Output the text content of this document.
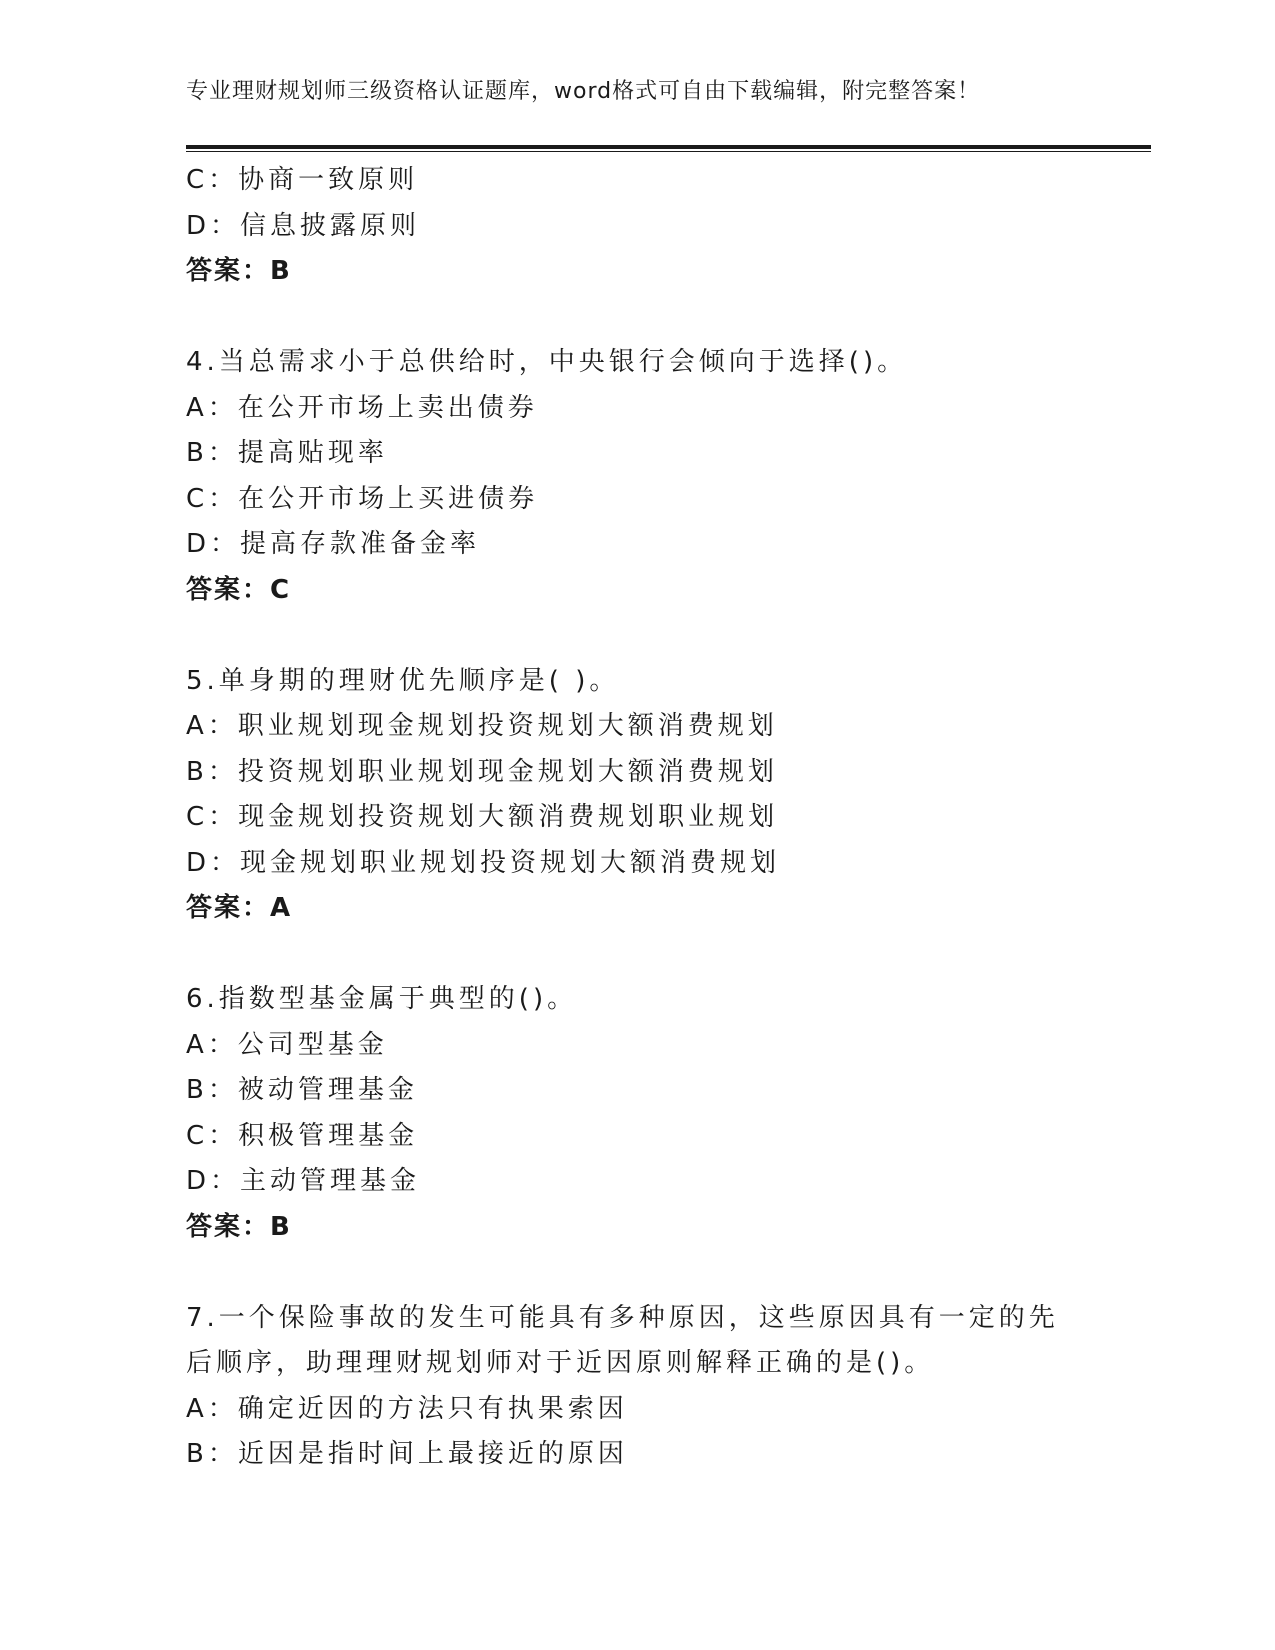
专业理财规划师三级资格认证题库，word格式可自由下载编辑，附完整答案！
C：协商一致原则
D：信息披露原则
答案：B
4.当总需求小于总供给时，中央银行会倾向于选择()。
A：在公开市场上卖出债券
B：提高贴现率
C：在公开市场上买进债券
D：提高存款准备金率
答案：C
5.单身期的理财优先顺序是( )。
A：职业规划现金规划投资规划大额消费规划
B：投资规划职业规划现金规划大额消费规划
C：现金规划投资规划大额消费规划职业规划
D：现金规划职业规划投资规划大额消费规划
答案：A
6.指数型基金属于典型的()。
A：公司型基金
B：被动管理基金
C：积极管理基金
D：主动管理基金
答案：B
7.一个保险事故的发生可能具有多种原因，这些原因具有一定的先后顺序，助理理财规划师对于近因原则解释正确的是()。
A：确定近因的方法只有执果索因
B：近因是指时间上最接近的原因
